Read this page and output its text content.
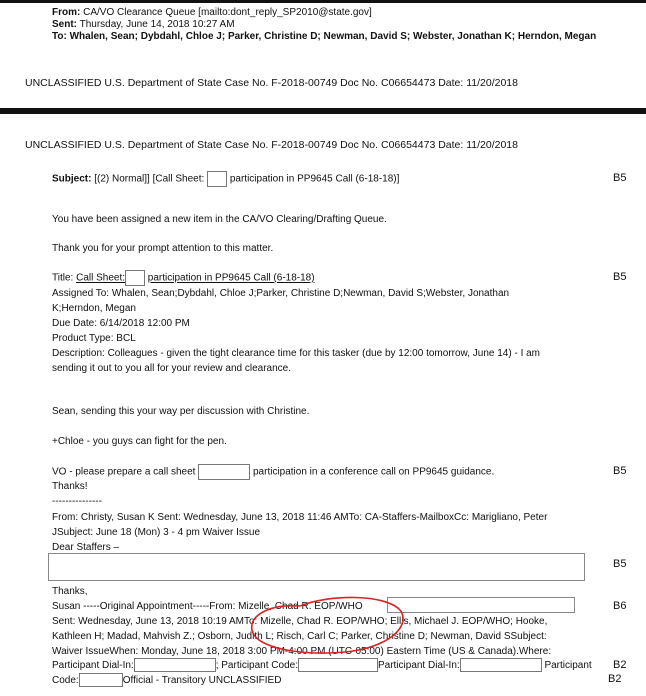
From: CA/VO Clearance Queue [mailto:dont_reply_SP2010@state.gov]
Sent: Thursday, June 14, 2018 10:27 AM
To: Whalen, Sean; Dybdahl, Chloe J; Parker, Christine D; Newman, David S; Webster, Jonathan K; Herndon, Megan
UNCLASSIFIED U.S. Department of State Case No. F-2018-00749 Doc No. C06654473 Date: 11/20/2018
UNCLASSIFIED U.S. Department of State Case No. F-2018-00749 Doc No. C06654473 Date: 11/20/2018
Subject: [(2) Normal]] [Call Sheet:	participation in PP9645 Call (6-18-18)]	B5
You have been assigned a new item in the CA/VO Clearing/Drafting Queue.
Thank you for your prompt attention to this matter.
Title: Call Sheet: participation in PP9645 Call (6-18-18)	B5
Assigned To: Whalen, Sean;Dybdahl, Chloe J;Parker, Christine D;Newman, David S;Webster, Jonathan
K;Herndon, Megan
Due Date: 6/14/2018 12:00 PM
Product Type: BCL
Description: Colleagues - given the tight clearance time for this tasker (due by 12:00 tomorrow, June 14) - I am
sending it out to you all for your review and clearance.
Sean, sending this your way per discussion with Christine.
+Chloe - you guys can fight for the pen.
VO - please prepare a call sheet	participation in a conference call on PP9645 guidance.	B5
Thanks!
---------------
From: Christy, Susan K Sent: Wednesday, June 13, 2018 11:46 AMTo: CA-Staffers-MailboxCc: Marigliano, Peter
JSubject: June 18 (Mon) 3 - 4 pm Waiver Issue
Dear Staffers –
B5
Thanks,
Susan -----Original Appointment-----From: Mizelle, Chad R. EOP/WHO	B6
Sent: Wednesday, June 13, 2018 10:19 AMTo: Mizelle, Chad R. EOP/WHO; Ellis, Michael J. EOP/WHO; Hooke,
Kathleen H; Madad, Mahvish Z.; Osborn, Judith L; Risch, Carl C; Parker, Christine D; Newman, David SSubject:
Waiver IssueWhen: Monday, June 18, 2018 3:00 PM-4:00 PM (UTC-05:00) Eastern Time (US & Canada).Where:
Participant Dial-In:	; Participant Code:	Participant Dial-In:	Participant B2
Code:	Official - Transitory UNCLASSIFIED	B2
